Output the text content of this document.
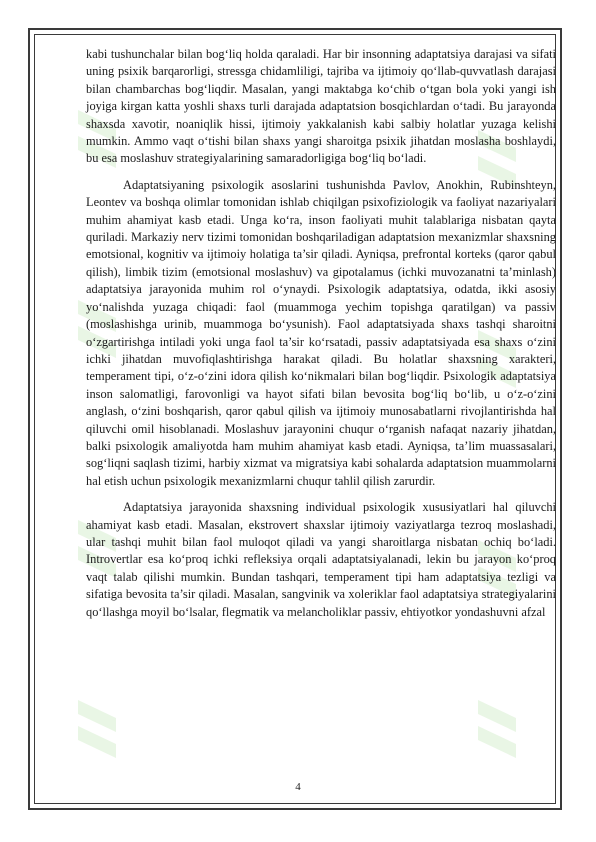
kabi tushunchalar bilan bog‘liq holda qaraladi. Har bir insonning adaptatsiya darajasi va sifati uning psixik barqarorligi, stressga chidamliligi, tajriba va ijtimoiy qo‘llab-quvvatlash darajasi bilan chambarchas bog‘liqdir. Masalan, yangi maktabga ko‘chib o‘tgan bola yoki yangi ish joyiga kirgan katta yoshli shaxs turli darajada adaptatsion bosqichlardan o‘tadi. Bu jarayonda shaxsda xavotir, noaniqlik hissi, ijtimoiy yakkalanish kabi salbiy holatlar yuzaga kelishi mumkin. Ammo vaqt o‘tishi bilan shaxs yangi sharoitga psixik jihatdan moslasha boshlaydi, bu esa moslashuv strategiyalarining samaradorligiga bog‘liq bo‘ladi.

Adaptatsiyaning psixologik asoslarini tushunishda Pavlov, Anokhin, Rubinshteyn, Leontev va boshqa olimlar tomonidan ishlab chiqilgan psixofiziologik va faoliyat nazariyalari muhim ahamiyat kasb etadi. Unga ko‘ra, inson faoliyati muhit talablariga nisbatan qayta quriladi. Markaziy nerv tizimi tomonidan boshqariladigan adaptatsion mexanizmlar shaxsning emotsional, kognitiv va ijtimoiy holatiga ta’sir qiladi. Ayniqsa, prefrontal korteks (qaror qabul qilish), limbik tizim (emotsional moslashuv) va gipotalamus (ichki muvozanatni ta’minlash) adaptatsiya jarayonida muhim rol o‘ynaydi. Psixologik adaptatsiya, odatda, ikki asosiy yo‘nalishda yuzaga chiqadi: faol (muammoga yechim topishga qaratilgan) va passiv (moslashishga urinib, muammoga bo‘ysunish). Faol adaptatsiyada shaxs tashqi sharoitni o‘zgartirishga intiladi yoki unga faol ta’sir ko‘rsatadi, passiv adaptatsiyada esa shaxs o‘zini ichki jihatdan muvofiqlashtirishga harakat qiladi. Bu holatlar shaxsning xarakteri, temperament tipi, o‘z-o‘zini idora qilish ko‘nikmalari bilan bog‘liqdir. Psixologik adaptatsiya inson salomatligi, farovonligi va hayot sifati bilan bevosita bog‘liq bo‘lib, u o‘z-o‘zini anglash, o‘zini boshqarish, qaror qabul qilish va ijtimoiy munosabatlarni rivojlantirishda hal qiluvchi omil hisoblanadi. Moslashuv jarayonini chuqur o‘rganish nafaqat nazariy jihatdan, balki psixologik amaliyotda ham muhim ahamiyat kasb etadi. Ayniqsa, ta’lim muassasalari, sog‘liqni saqlash tizimi, harbiy xizmat va migratsiya kabi sohalarda adaptatsion muammolarni hal etish uchun psixologik mexanizmlarni chuqur tahlil qilish zarurdir.

Adaptatsiya jarayonida shaxsning individual psixologik xususiyatlari hal qiluvchi ahamiyat kasb etadi. Masalan, ekstrovert shaxslar ijtimoiy vaziyatlarga tezroq moslashadi, ular tashqi muhit bilan faol muloqot qiladi va yangi sharoitlarga nisbatan ochiq bo‘ladi. Introvertlar esa ko‘proq ichki refleksiya orqali adaptatsiyalanadi, lekin bu jarayon ko‘proq vaqt talab qilishi mumkin. Bundan tashqari, temperament tipi ham adaptatsiya tezligi va sifatiga bevosita ta’sir qiladi. Masalan, sangvinik va xoleriklar faol adaptatsiya strategiyalarini qo‘llashga moyil bo‘lsalar, flegmatik va melancholiklar passiv, ehtiyotkor yondashuvni afzal

4
